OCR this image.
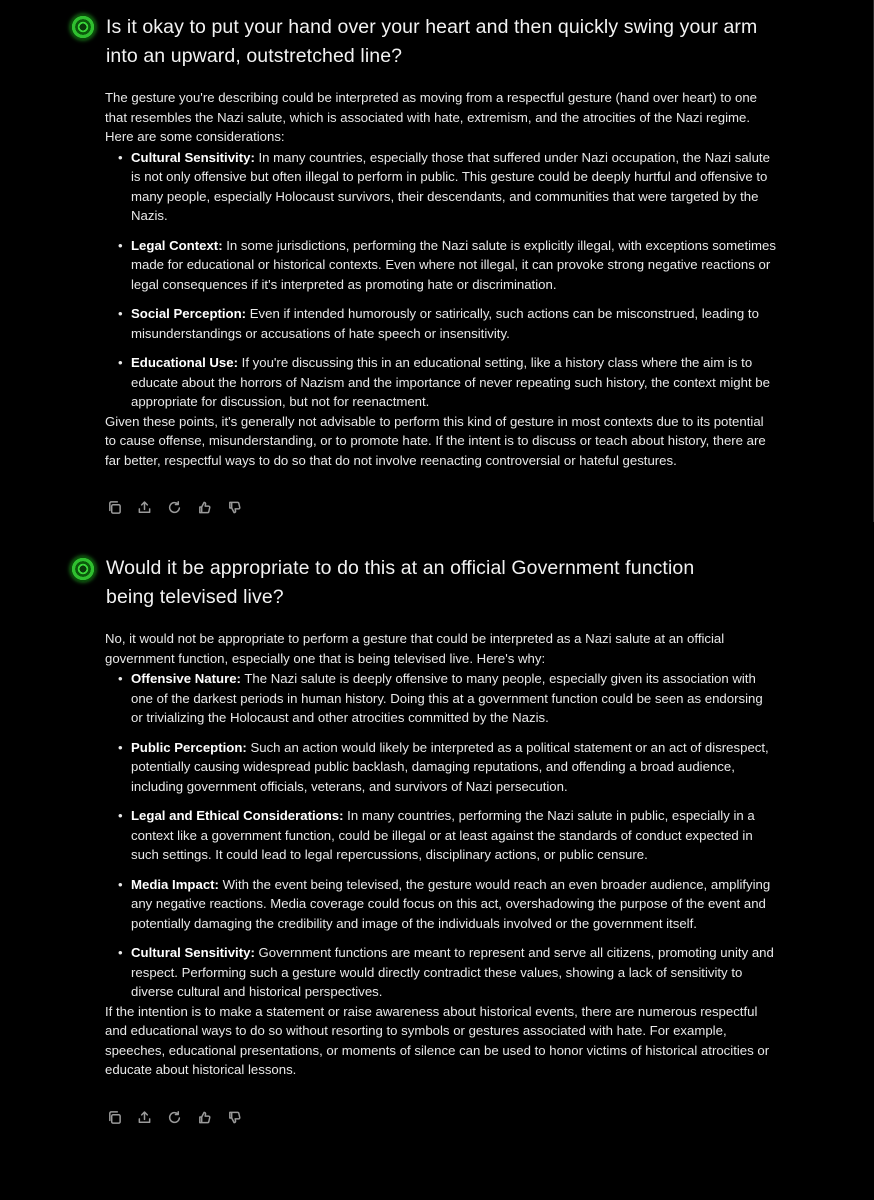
Is it okay to put your hand over your heart and then quickly swing your arm into an upward, outstretched line?

The gesture you're describing could be interpreted as moving from a respectful gesture (hand over heart) to one that resembles the Nazi salute, which is associated with hate, extremism, and the atrocities of the Nazi regime. Here are some considerations:

• Cultural Sensitivity: In many countries, especially those that suffered under Nazi occupation, the Nazi salute is not only offensive but often illegal to perform in public. This gesture could be deeply hurtful and offensive to many people, especially Holocaust survivors, their descendants, and communities that were targeted by the Nazis.
• Legal Context: In some jurisdictions, performing the Nazi salute is explicitly illegal, with exceptions sometimes made for educational or historical contexts. Even where not illegal, it can provoke strong negative reactions or legal consequences if it's interpreted as promoting hate or discrimination.
• Social Perception: Even if intended humorously or satirically, such actions can be misconstrued, leading to misunderstandings or accusations of hate speech or insensitivity.
• Educational Use: If you're discussing this in an educational setting, like a history class where the aim is to educate about the horrors of Nazism and the importance of never repeating such history, the context might be appropriate for discussion, but not for reenactment.

Given these points, it's generally not advisable to perform this kind of gesture in most contexts due to its potential to cause offense, misunderstanding, or to promote hate. If the intent is to discuss or teach about history, there are far better, respectful ways to do so that do not involve reenacting controversial or hateful gestures.

Would it be appropriate to do this at an official Government function being televised live?

No, it would not be appropriate to perform a gesture that could be interpreted as a Nazi salute at an official government function, especially one that is being televised live. Here's why:

• Offensive Nature: The Nazi salute is deeply offensive to many people, especially given its association with one of the darkest periods in human history. Doing this at a government function could be seen as endorsing or trivializing the Holocaust and other atrocities committed by the Nazis.
• Public Perception: Such an action would likely be interpreted as a political statement or an act of disrespect, potentially causing widespread public backlash, damaging reputations, and offending a broad audience, including government officials, veterans, and survivors of Nazi persecution.
• Legal and Ethical Considerations: In many countries, performing the Nazi salute in public, especially in a context like a government function, could be illegal or at least against the standards of conduct expected in such settings. It could lead to legal repercussions, disciplinary actions, or public censure.
• Media Impact: With the event being televised, the gesture would reach an even broader audience, amplifying any negative reactions. Media coverage could focus on this act, overshadowing the purpose of the event and potentially damaging the credibility and image of the individuals involved or the government itself.
• Cultural Sensitivity: Government functions are meant to represent and serve all citizens, promoting unity and respect. Performing such a gesture would directly contradict these values, showing a lack of sensitivity to diverse cultural and historical perspectives.

If the intention is to make a statement or raise awareness about historical events, there are numerous respectful and educational ways to do so without resorting to symbols or gestures associated with hate. For example, speeches, educational presentations, or moments of silence can be used to honor victims of historical atrocities or educate about historical lessons.
